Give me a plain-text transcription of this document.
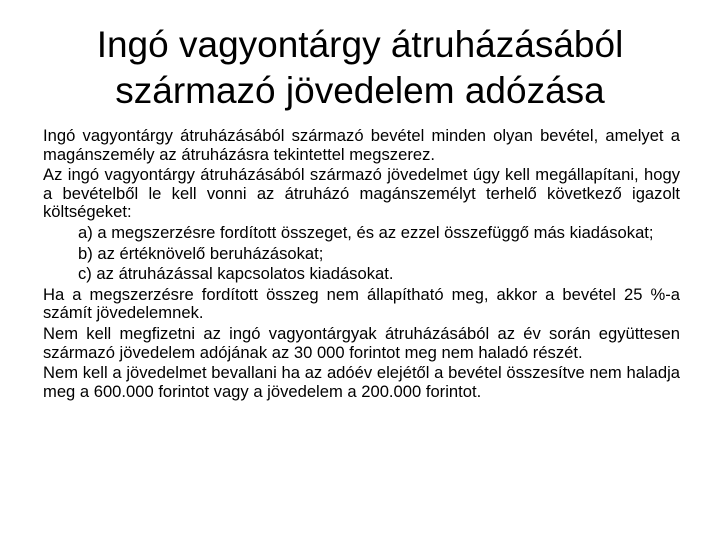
Ingó vagyontárgy átruházásából
származó jövedelem adózása

Ingó vagyontárgy átruházásából származó bevétel minden olyan bevétel, amelyet a magánszemély az átruházásra tekintettel megszerez.

Az ingó vagyontárgy átruházásából származó jövedelmet úgy kell megállapítani, hogy a bevételből le kell vonni az átruházó magánszemélyt terhelő következő igazolt költségeket:

a) a megszerzésre fordított összeget, és az ezzel összefüggő más kiadásokat;

b) az értéknövelő beruházásokat;

c) az átruházással kapcsolatos kiadásokat.

Ha a megszerzésre fordított összeg nem állapítható meg, akkor a bevétel 25 %-a számít jövedelemnek.

Nem kell megfizetni az ingó vagyontárgyak átruházásából az év során együttesen származó jövedelem adójának az 30 000 forintot meg nem haladó részét.

Nem kell a jövedelmet bevallani ha az adóév elejétől a bevétel összesítve nem haladja meg a 600.000 forintot vagy a jövedelem a 200.000 forintot.
